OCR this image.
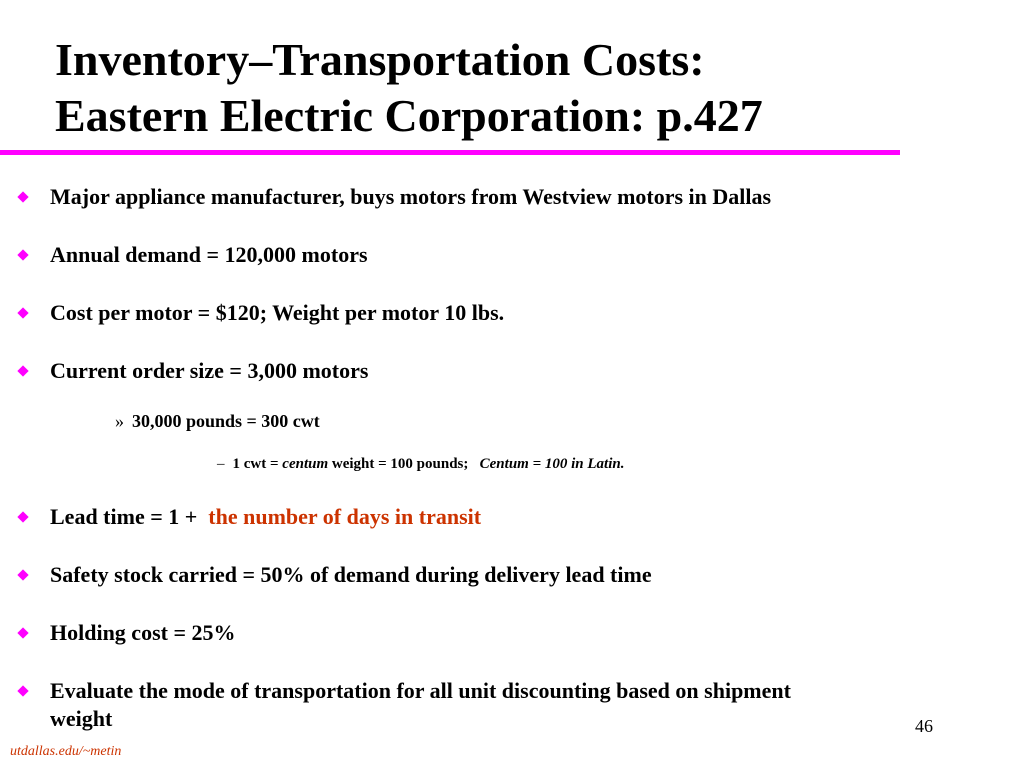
Inventory–Transportation Costs:
Eastern Electric Corporation: p.427
Major appliance manufacturer, buys motors from Westview motors in Dallas
Annual demand = 120,000 motors
Cost per motor = $120; Weight per motor 10 lbs.
Current order size = 3,000 motors
» 30,000 pounds = 300 cwt
– 1 cwt = centum weight = 100 pounds; Centum = 100 in Latin.
Lead time = 1 + the number of days in transit
Safety stock carried = 50% of demand during delivery lead time
Holding cost = 25%
Evaluate the mode of transportation for all unit discounting based on shipment
weight	46
utdallas.edu/~metin
